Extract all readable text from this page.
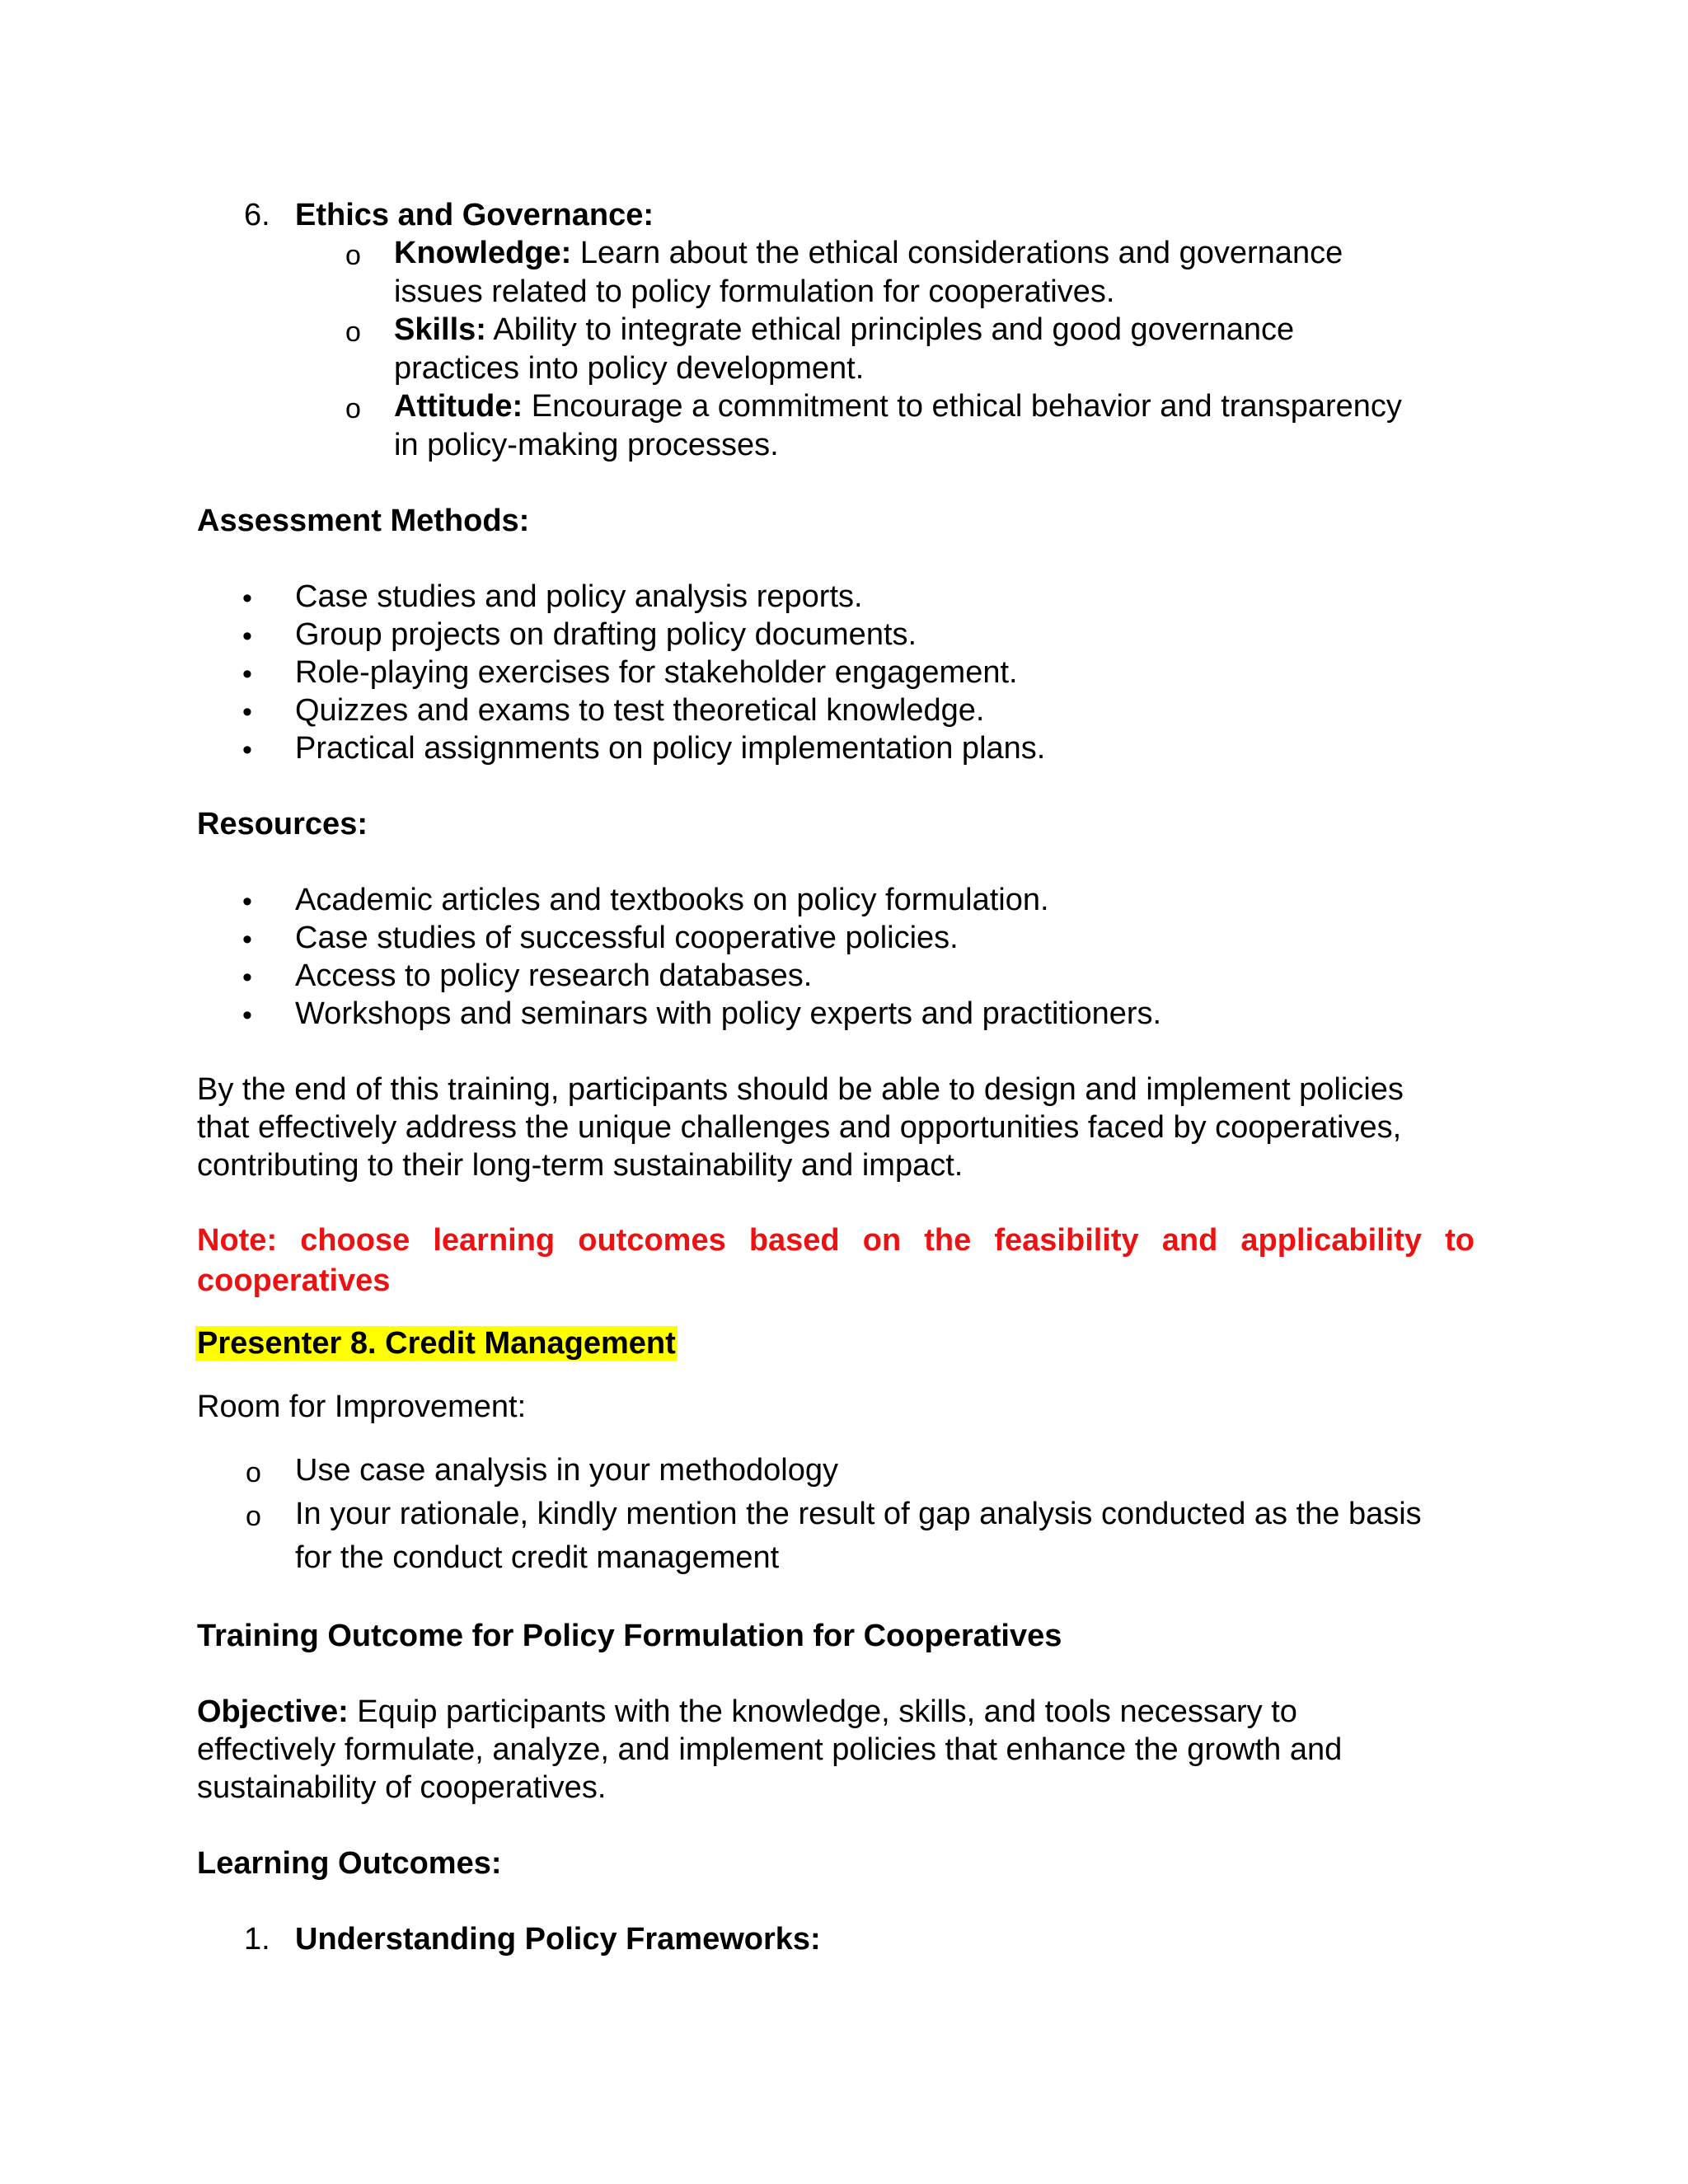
6. Ethics and Governance:
o Knowledge: Learn about the ethical considerations and governance
issues related to policy formulation for cooperatives.
o Skills: Ability to integrate ethical principles and good governance
practices into policy development.
o Attitude: Encourage a commitment to ethical behavior and transparency
in policy-making processes.
Assessment Methods:
• Case studies and policy analysis reports.
• Group projects on drafting policy documents.
• Role-playing exercises for stakeholder engagement.
• Quizzes and exams to test theoretical knowledge.
• Practical assignments on policy implementation plans.
Resources:
• Academic articles and textbooks on policy formulation.
• Case studies of successful cooperative policies.
• Access to policy research databases.
• Workshops and seminars with policy experts and practitioners.
By the end of this training, participants should be able to design and implement policies
that effectively address the unique challenges and opportunities faced by cooperatives,
contributing to their long-term sustainability and impact.
Note: choose learning outcomes based on the feasibility and applicability to
cooperatives
Presenter 8. Credit Management
Room for Improvement:
o Use case analysis in your methodology
o In your rationale, kindly mention the result of gap analysis conducted as the basis
for the conduct credit management
Training Outcome for Policy Formulation for Cooperatives
Objective: Equip participants with the knowledge, skills, and tools necessary to
effectively formulate, analyze, and implement policies that enhance the growth and
sustainability of cooperatives.
Learning Outcomes:
1. Understanding Policy Frameworks:
